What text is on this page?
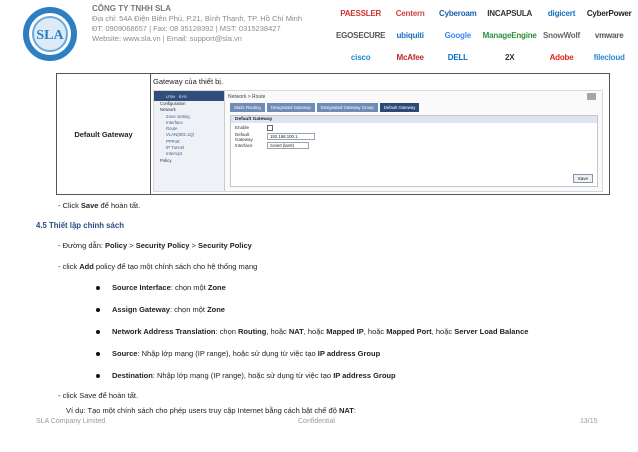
SLA
CÔNG TY TNHH SLA
Địa chỉ: 54A Điện Biên Phủ, P.21, Bình Thạnh, TP. Hồ Chí Minh
ĐT: 0909068657 | Fax: 08 35128392 | MST: 0315238427
Website: www.sla.vn | Email: support@sla.vn
PAESSLER	Centern	Cyberoam	INCAPSULA	digicert	CyberPower
EGOSECURE	ubiquiti	Google	ManageEngine SnowWolf	vmware
cisco	McAfee	DELL	2X	Adobe	filecloud
Default Gateway	
Gateway của thiết bị.
UTM SYS
Configuration
Network
Zone setting
Interface
Route
VLAN(802.1Q)
PPPoE
IP Tunnel
Interrupt
Policy
Network > Route
Static Routing	Designated Gateway	Designated Gateway Group	Default Gateway
Default Gateway
Enable
Default Gateway	192.168.100.1
Interface	zone0 (lan0)
Save
- Click Save để hoàn tất.
4.5 Thiết lập chính sách
- Đường dẫn: Policy > Security Policy > Security Policy
- click Add policy để tạo một chính sách cho hệ thống mạng
Source Interface: chọn một Zone
Assign Gateway: chọn một Zone
Network Address Translation: chọn Routing, hoặc NAT, hoặc Mapped IP, hoặc Mapped Port, hoặc Server Load Balance
Source: Nhập lớp mạng (IP range), hoặc sử dụng từ việc tạo IP address Group
Destination: Nhập lớp mạng (IP range), hoặc sử dụng từ việc tạo IP address Group
- click Save để hoàn tất.
Ví dụ: Tạo một chính sách cho phép users truy cập Internet bằng cách bật chế độ NAT:
SLA Company Limited	Confidential	13/15
